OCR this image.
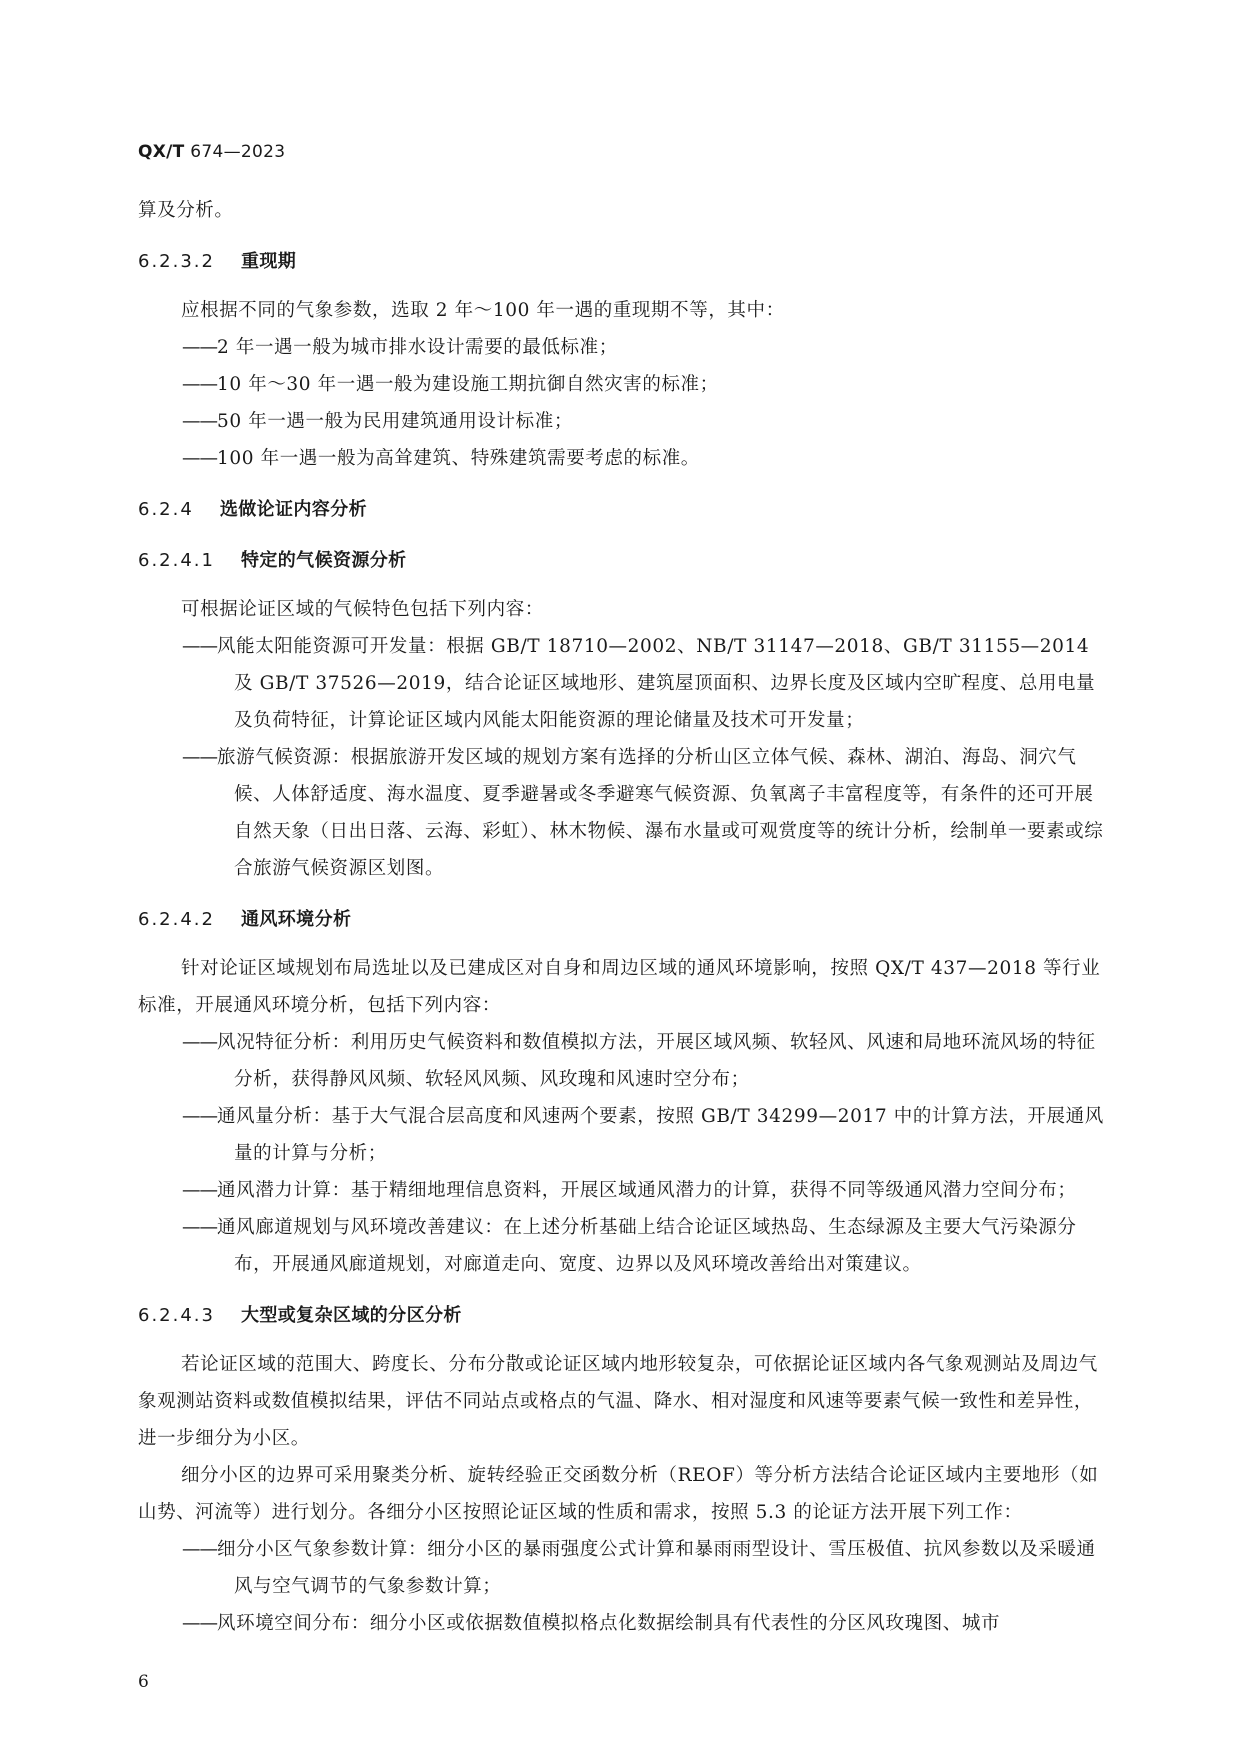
QX/T 674—2023

算及分析。

6.2.3.2 重现期

应根据不同的气象参数，选取 2 年～100 年一遇的重现期不等，其中：

——2 年一遇一般为城市排水设计需要的最低标准；
——10 年～30 年一遇一般为建设施工期抗御自然灾害的标准；
——50 年一遇一般为民用建筑通用设计标准；
——100 年一遇一般为高耸建筑、特殊建筑需要考虑的标准。
6.2.4 选做论证内容分析
6.2.4.1 特定的气候资源分析

可根据论证区域的气候特色包括下列内容：

——风能太阳能资源可开发量：根据 GB/T 18710—2002、NB/T 31147—2018、GB/T 31155—2014 及 GB/T 37526—2019，结合论证区域地形、建筑屋顶面积、边界长度及区域内空旷程度、总用电量及负荷特征，计算论证区域内风能太阳能资源的理论储量及技术可开发量；
——旅游气候资源：根据旅游开发区域的规划方案有选择的分析山区立体气候、森林、湖泊、海岛、洞穴气候、人体舒适度、海水温度、夏季避暑或冬季避寒气候资源、负氧离子丰富程度等，有条件的还可开展自然天象（日出日落、云海、彩虹）、林木物候、瀑布水量或可观赏度等的统计分析，绘制单一要素或综合旅游气候资源区划图。
6.2.4.2 通风环境分析

针对论证区域规划布局选址以及已建成区对自身和周边区域的通风环境影响，按照 QX/T 437—2018 等行业标准，开展通风环境分析，包括下列内容：

——风况特征分析：利用历史气候资料和数值模拟方法，开展区域风频、软轻风、风速和局地环流风场的特征分析，获得静风风频、软轻风风频、风玫瑰和风速时空分布；
——通风量分析：基于大气混合层高度和风速两个要素，按照 GB/T 34299—2017 中的计算方法，开展通风量的计算与分析；
——通风潜力计算：基于精细地理信息资料，开展区域通风潜力的计算，获得不同等级通风潜力空间分布；
——通风廊道规划与风环境改善建议：在上述分析基础上结合论证区域热岛、生态绿源及主要大气污染源分布，开展通风廊道规划，对廊道走向、宽度、边界以及风环境改善给出对策建议。
6.2.4.3 大型或复杂区域的分区分析

若论证区域的范围大、跨度长、分布分散或论证区域内地形较复杂，可依据论证区域内各气象观测站及周边气象观测站资料或数值模拟结果，评估不同站点或格点的气温、降水、相对湿度和风速等要素气候一致性和差异性，进一步细分为小区。

细分小区的边界可采用聚类分析、旋转经验正交函数分析（REOF）等分析方法结合论证区域内主要地形（如山势、河流等）进行划分。各细分小区按照论证区域的性质和需求，按照 5.3 的论证方法开展下列工作：

——细分小区气象参数计算：细分小区的暴雨强度公式计算和暴雨雨型设计、雪压极值、抗风参数以及采暖通风与空气调节的气象参数计算；
——风环境空间分布：细分小区或依据数值模拟格点化数据绘制具有代表性的分区风玫瑰图、城市
6
